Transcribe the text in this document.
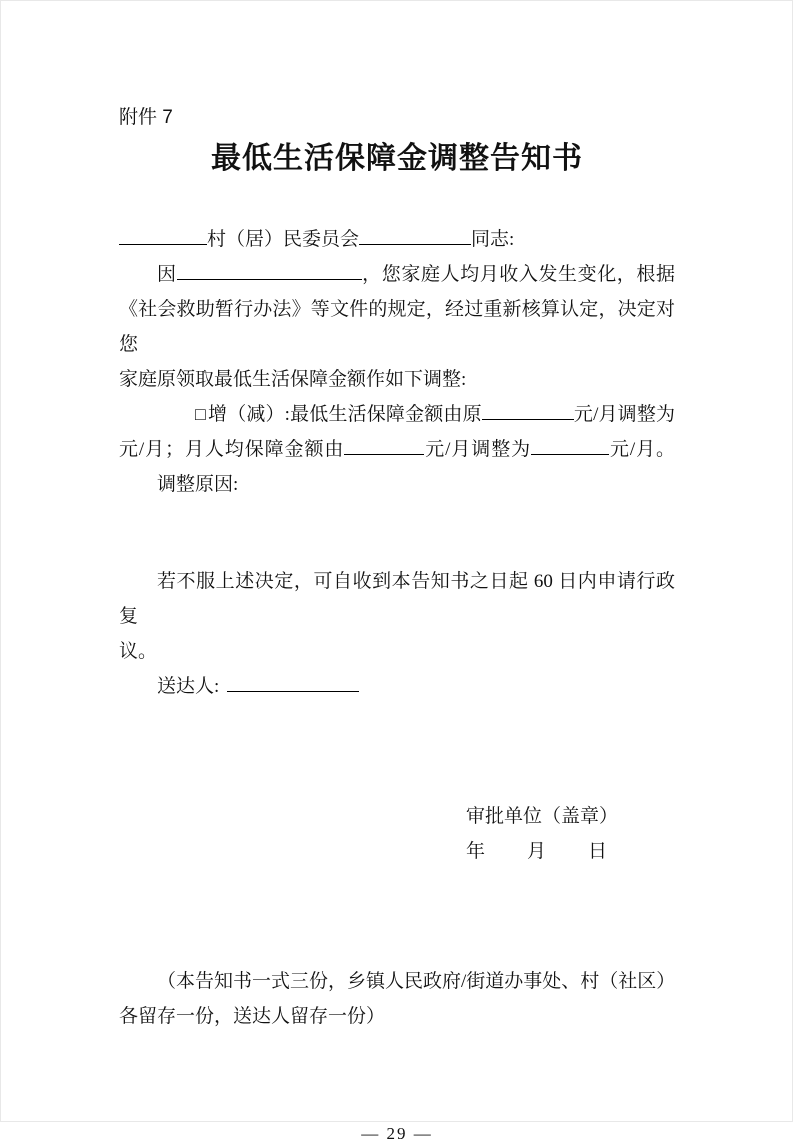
附件 7
最低生活保障金调整告知书
村（居）民委员会	同志:
因	，您家庭人均月收入发生变化，根据
《社会救助暂行办法》等文件的规定，经过重新核算认定，决定对您
家庭原领取最低生活保障金额作如下调整:
□ 增（减）:最低生活保障金额由原	元/月调整为
元/月；月人均保障金额由	元/月调整为	元/月。
调整原因:
若不服上述决定，可自收到本告知书之日起 60 日内申请行政复
议。
送达人:
审批单位（盖章）
年 月 日
（本告知书一式三份，乡镇人民政府/街道办事处、村（社区）
各留存一份，送达人留存一份）
— 29 —
